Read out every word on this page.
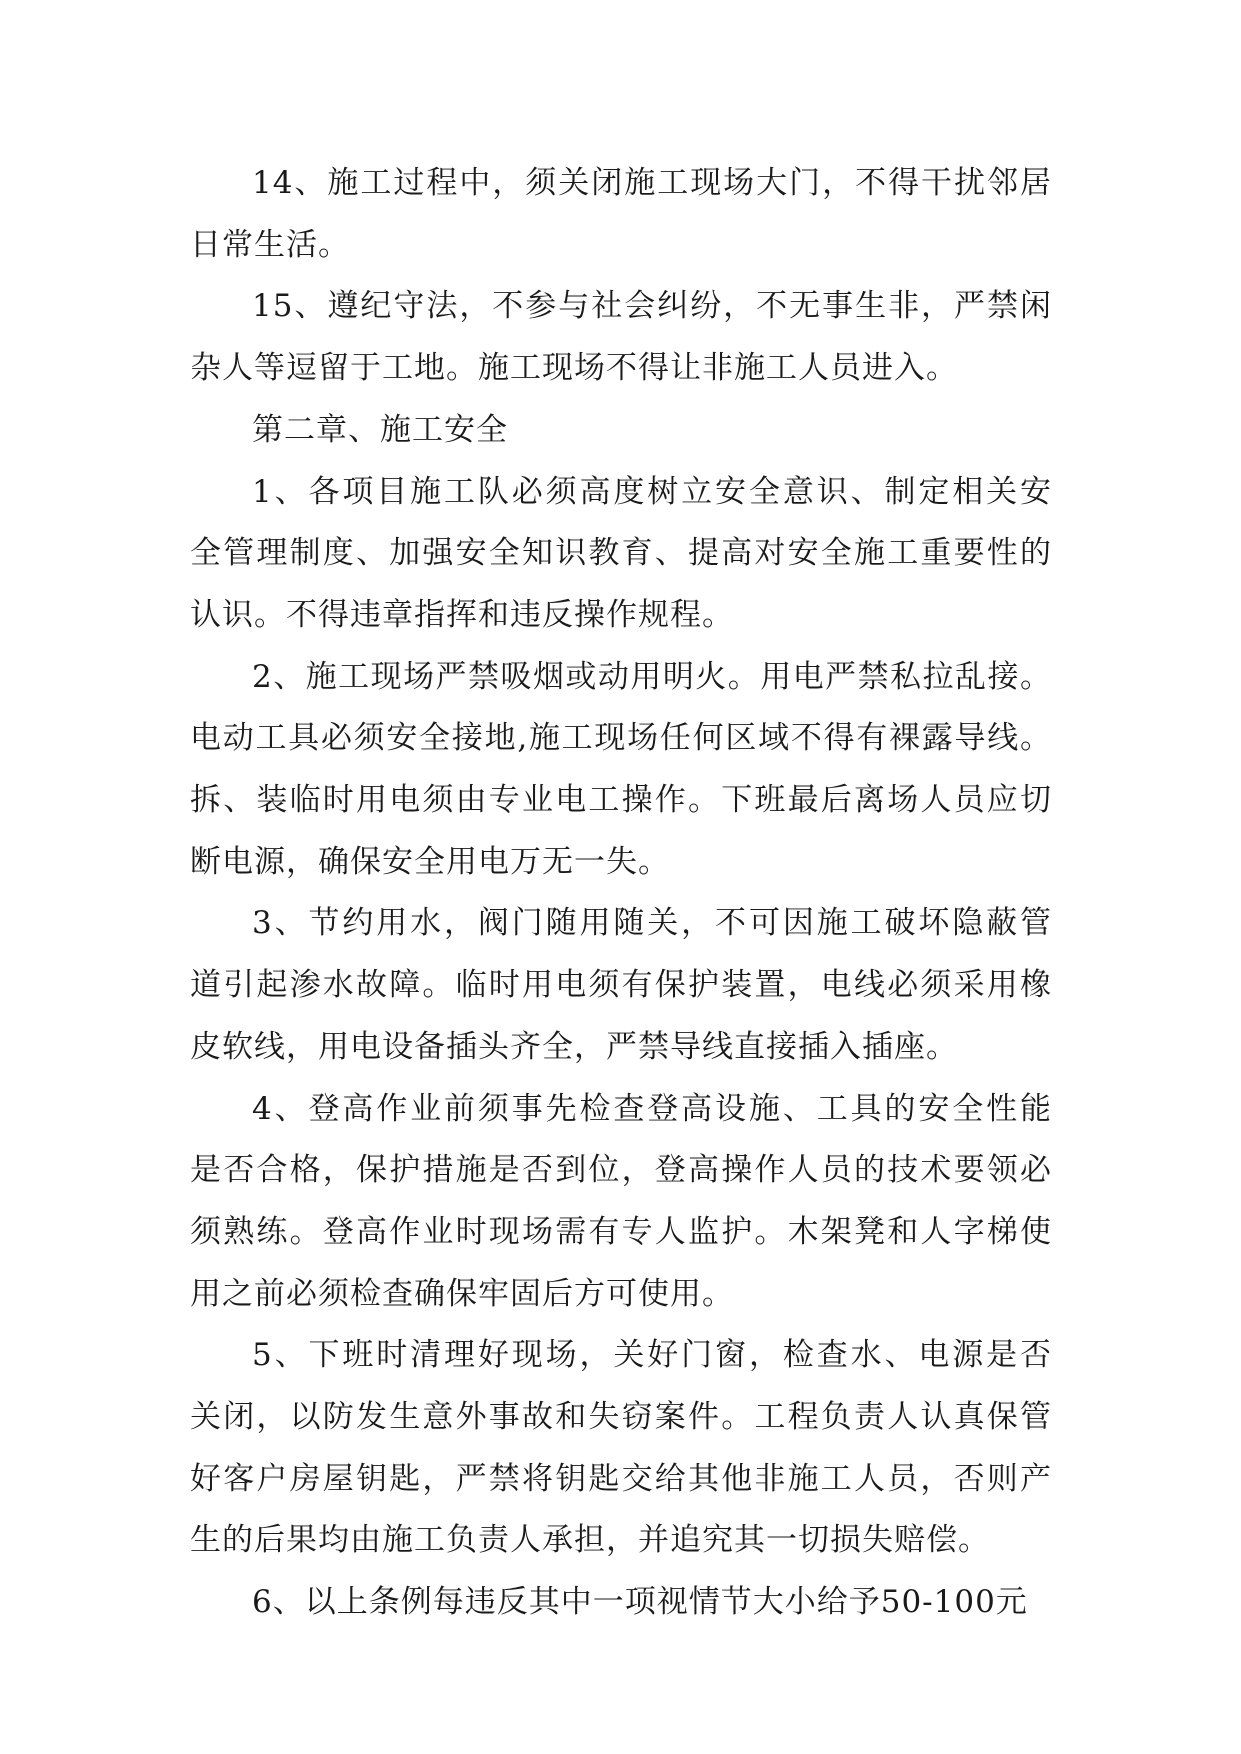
14、施工过程中，须关闭施工现场大门，不得干扰邻居
日常生活。

15、遵纪守法，不参与社会纠纷，不无事生非，严禁闲
杂人等逗留于工地。施工现场不得让非施工人员进入。

第二章、施工安全

1、各项目施工队必须高度树立安全意识、制定相关安
全管理制度、加强安全知识教育、提高对安全施工重要性的
认识。不得违章指挥和违反操作规程。

2、施工现场严禁吸烟或动用明火。用电严禁私拉乱接。
电动工具必须安全接地,施工现场任何区域不得有裸露导线。
拆、装临时用电须由专业电工操作。下班最后离场人员应切
断电源，确保安全用电万无一失。

3、节约用水，阀门随用随关，不可因施工破坏隐蔽管
道引起渗水故障。临时用电须有保护装置，电线必须采用橡
皮软线，用电设备插头齐全，严禁导线直接插入插座。

4、登高作业前须事先检查登高设施、工具的安全性能
是否合格，保护措施是否到位，登高操作人员的技术要领必
须熟练。登高作业时现场需有专人监护。木架凳和人字梯使
用之前必须检查确保牢固后方可使用。

5、下班时清理好现场，关好门窗，检查水、电源是否
关闭，以防发生意外事故和失窃案件。工程负责人认真保管
好客户房屋钥匙，严禁将钥匙交给其他非施工人员，否则产
生的后果均由施工负责人承担，并追究其一切损失赔偿。

6、以上条例每违反其中一项视情节大小给予50-100元
